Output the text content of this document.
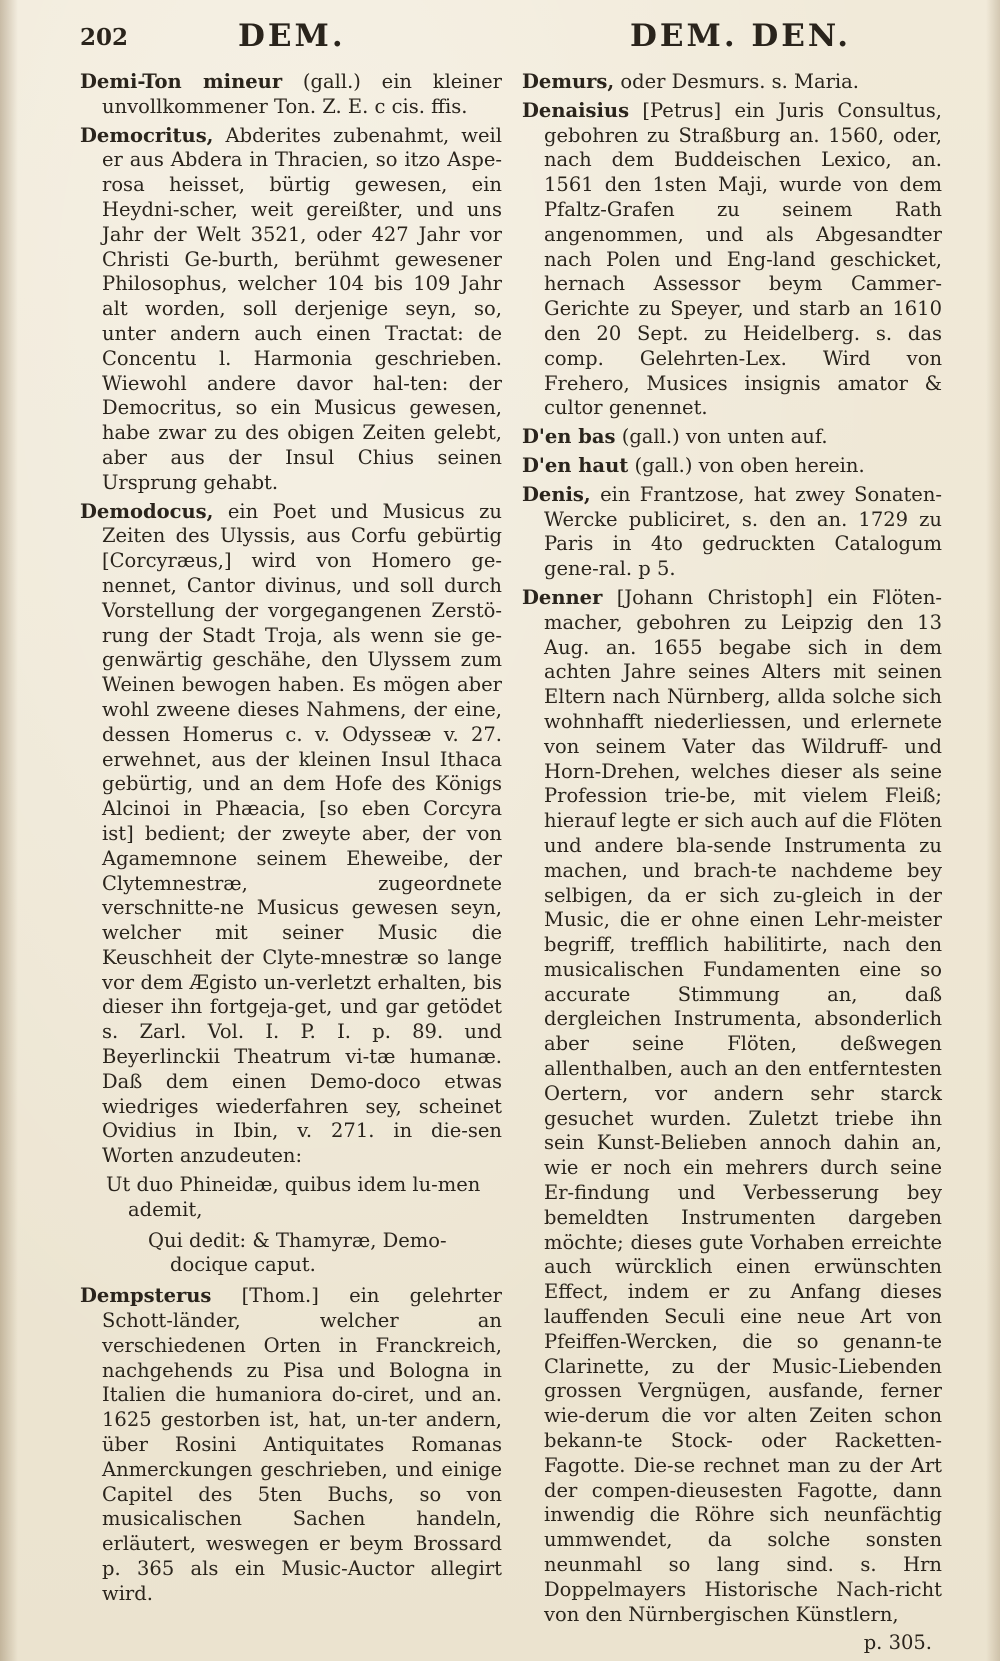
202	DEM.	DEM. DEN.

Demi-Ton mineur (gall.) ein kleiner unvollkommener Ton. Z. E. c cis. ffis.

Democritus, Abderites zubenahmt, weil er aus Abdera in Thracien, so itzo Aspe-rosa heisset, bürtig gewesen, ein Heydni-scher, weit gereißter, und uns Jahr der Welt 3521, oder 427 Jahr vor Christi Ge-burth, berühmt gewesener Philosophus, welcher 104 bis 109 Jahr alt worden, soll derjenige seyn, so, unter andern auch einen Tractat: de Concentu l. Harmonia geschrieben. Wiewohl andere davor hal-ten: der Democritus, so ein Musicus gewesen, habe zwar zu des obigen Zeiten gelebt, aber aus der Insul Chius seinen Ursprung gehabt.

Demodocus, ein Poet und Musicus zu Zeiten des Ulyssis, aus Corfu gebürtig [Corcyræus,] wird von Homero ge-nennet, Cantor divinus, und soll durch Vorstellung der vorgegangenen Zerstö-rung der Stadt Troja, als wenn sie ge-genwärtig geschähe, den Ulyssem zum Weinen bewogen haben. Es mögen aber wohl zweene dieses Nahmens, der eine, dessen Homerus c. v. Odysseæ v. 27. erwehnet, aus der kleinen Insul Ithaca gebürtig, und an dem Hofe des Königs Alcinoi in Phæacia, [so eben Corcyra ist] bedient; der zweyte aber, der von Agamemnone seinem Eheweibe, der Clytemnestræ, zugeordnete verschnitte-ne Musicus gewesen seyn, welcher mit seiner Music die Keuschheit der Clyte-mnestræ so lange vor dem Ægisto un-verletzt erhalten, bis dieser ihn fortgeja-get, und gar getödet s. Zarl. Vol. I. P. I. p. 89. und Beyerlinckii Theatrum vi-tæ humanæ. Daß dem einen Demo-doco etwas wiedriges wiederfahren sey, scheinet Ovidius in Ibin, v. 271. in die-sen Worten anzudeuten:

Ut duo Phineidæ, quibus idem lu-men ademit,

Qui dedit: & Thamyræ, Demo-docique caput.

Dempsterus [Thom.] ein gelehrter Schott-länder, welcher an verschiedenen Orten in Franckreich, nachgehends zu Pisa und Bologna in Italien die humaniora do-ciret, und an. 1625 gestorben ist, hat, un-ter andern, über Rosini Antiquitates Romanas Anmerckungen geschrieben, und einige Capitel des 5ten Buchs, so von musicalischen Sachen handeln, erläutert, weswegen er beym Brossard p. 365 als ein Music-Auctor allegirt wird.

Demurs, oder Desmurs. s. Maria.

Denaisius [Petrus] ein Juris Consultus, gebohren zu Straßburg an. 1560, oder, nach dem Buddeischen Lexico, an. 1561 den 1sten Maji, wurde von dem Pfaltz-Grafen zu seinem Rath angenommen, und als Abgesandter nach Polen und Eng-land geschicket, hernach Assessor beym Cammer-Gerichte zu Speyer, und starb an 1610 den 20 Sept. zu Heidelberg. s. das comp. Gelehrten-Lex. Wird von Frehero, Musices insignis amator & cultor genennet.

D'en bas (gall.) von unten auf.

D'en haut (gall.) von oben herein.

Denis, ein Frantzose, hat zwey Sonaten-Wercke publiciret, s. den an. 1729 zu Paris in 4to gedruckten Catalogum gene-ral. p 5.

Denner [Johann Christoph] ein Flöten-macher, gebohren zu Leipzig den 13 Aug. an. 1655 begabe sich in dem achten Jahre seines Alters mit seinen Eltern nach Nürnberg, allda solche sich wohnhafft niederliessen, und erlernete von seinem Vater das Wildruff- und Horn-Drehen, welches dieser als seine Profession trie-be, mit vielem Fleiß; hierauf legte er sich auch auf die Flöten und andere bla-sende Instrumenta zu machen, und brach-te nachdeme bey selbigen, da er sich zu-gleich in der Music, die er ohne einen Lehr-meister begriff, trefflich habilitirte, nach den musicalischen Fundamenten eine so accurate Stimmung an, daß dergleichen Instrumenta, absonderlich aber seine Flöten, deßwegen allenthalben, auch an den entferntesten Oertern, vor andern sehr starck gesuchet wurden. Zuletzt triebe ihn sein Kunst-Belieben annoch dahin an, wie er noch ein mehrers durch seine Er-findung und Verbesserung bey bemeldten Instrumenten dargeben möchte; dieses gute Vorhaben erreichte auch würcklich einen erwünschten Effect, indem er zu Anfang dieses lauffenden Seculi eine neue Art von Pfeiffen-Wercken, die so genann-te Clarinette, zu der Music-Liebenden grossen Vergnügen, ausfande, ferner wie-derum die vor alten Zeiten schon bekann-te Stock- oder Racketten-Fagotte. Die-se rechnet man zu der Art der compen-dieusesten Fagotte, dann inwendig die Röhre sich neunfächtig ummwendet, da solche sonsten neunmahl so lang sind. s. Hrn Doppelmayers Historische Nach-richt von den Nürnbergischen Künstlern,

p. 305.
